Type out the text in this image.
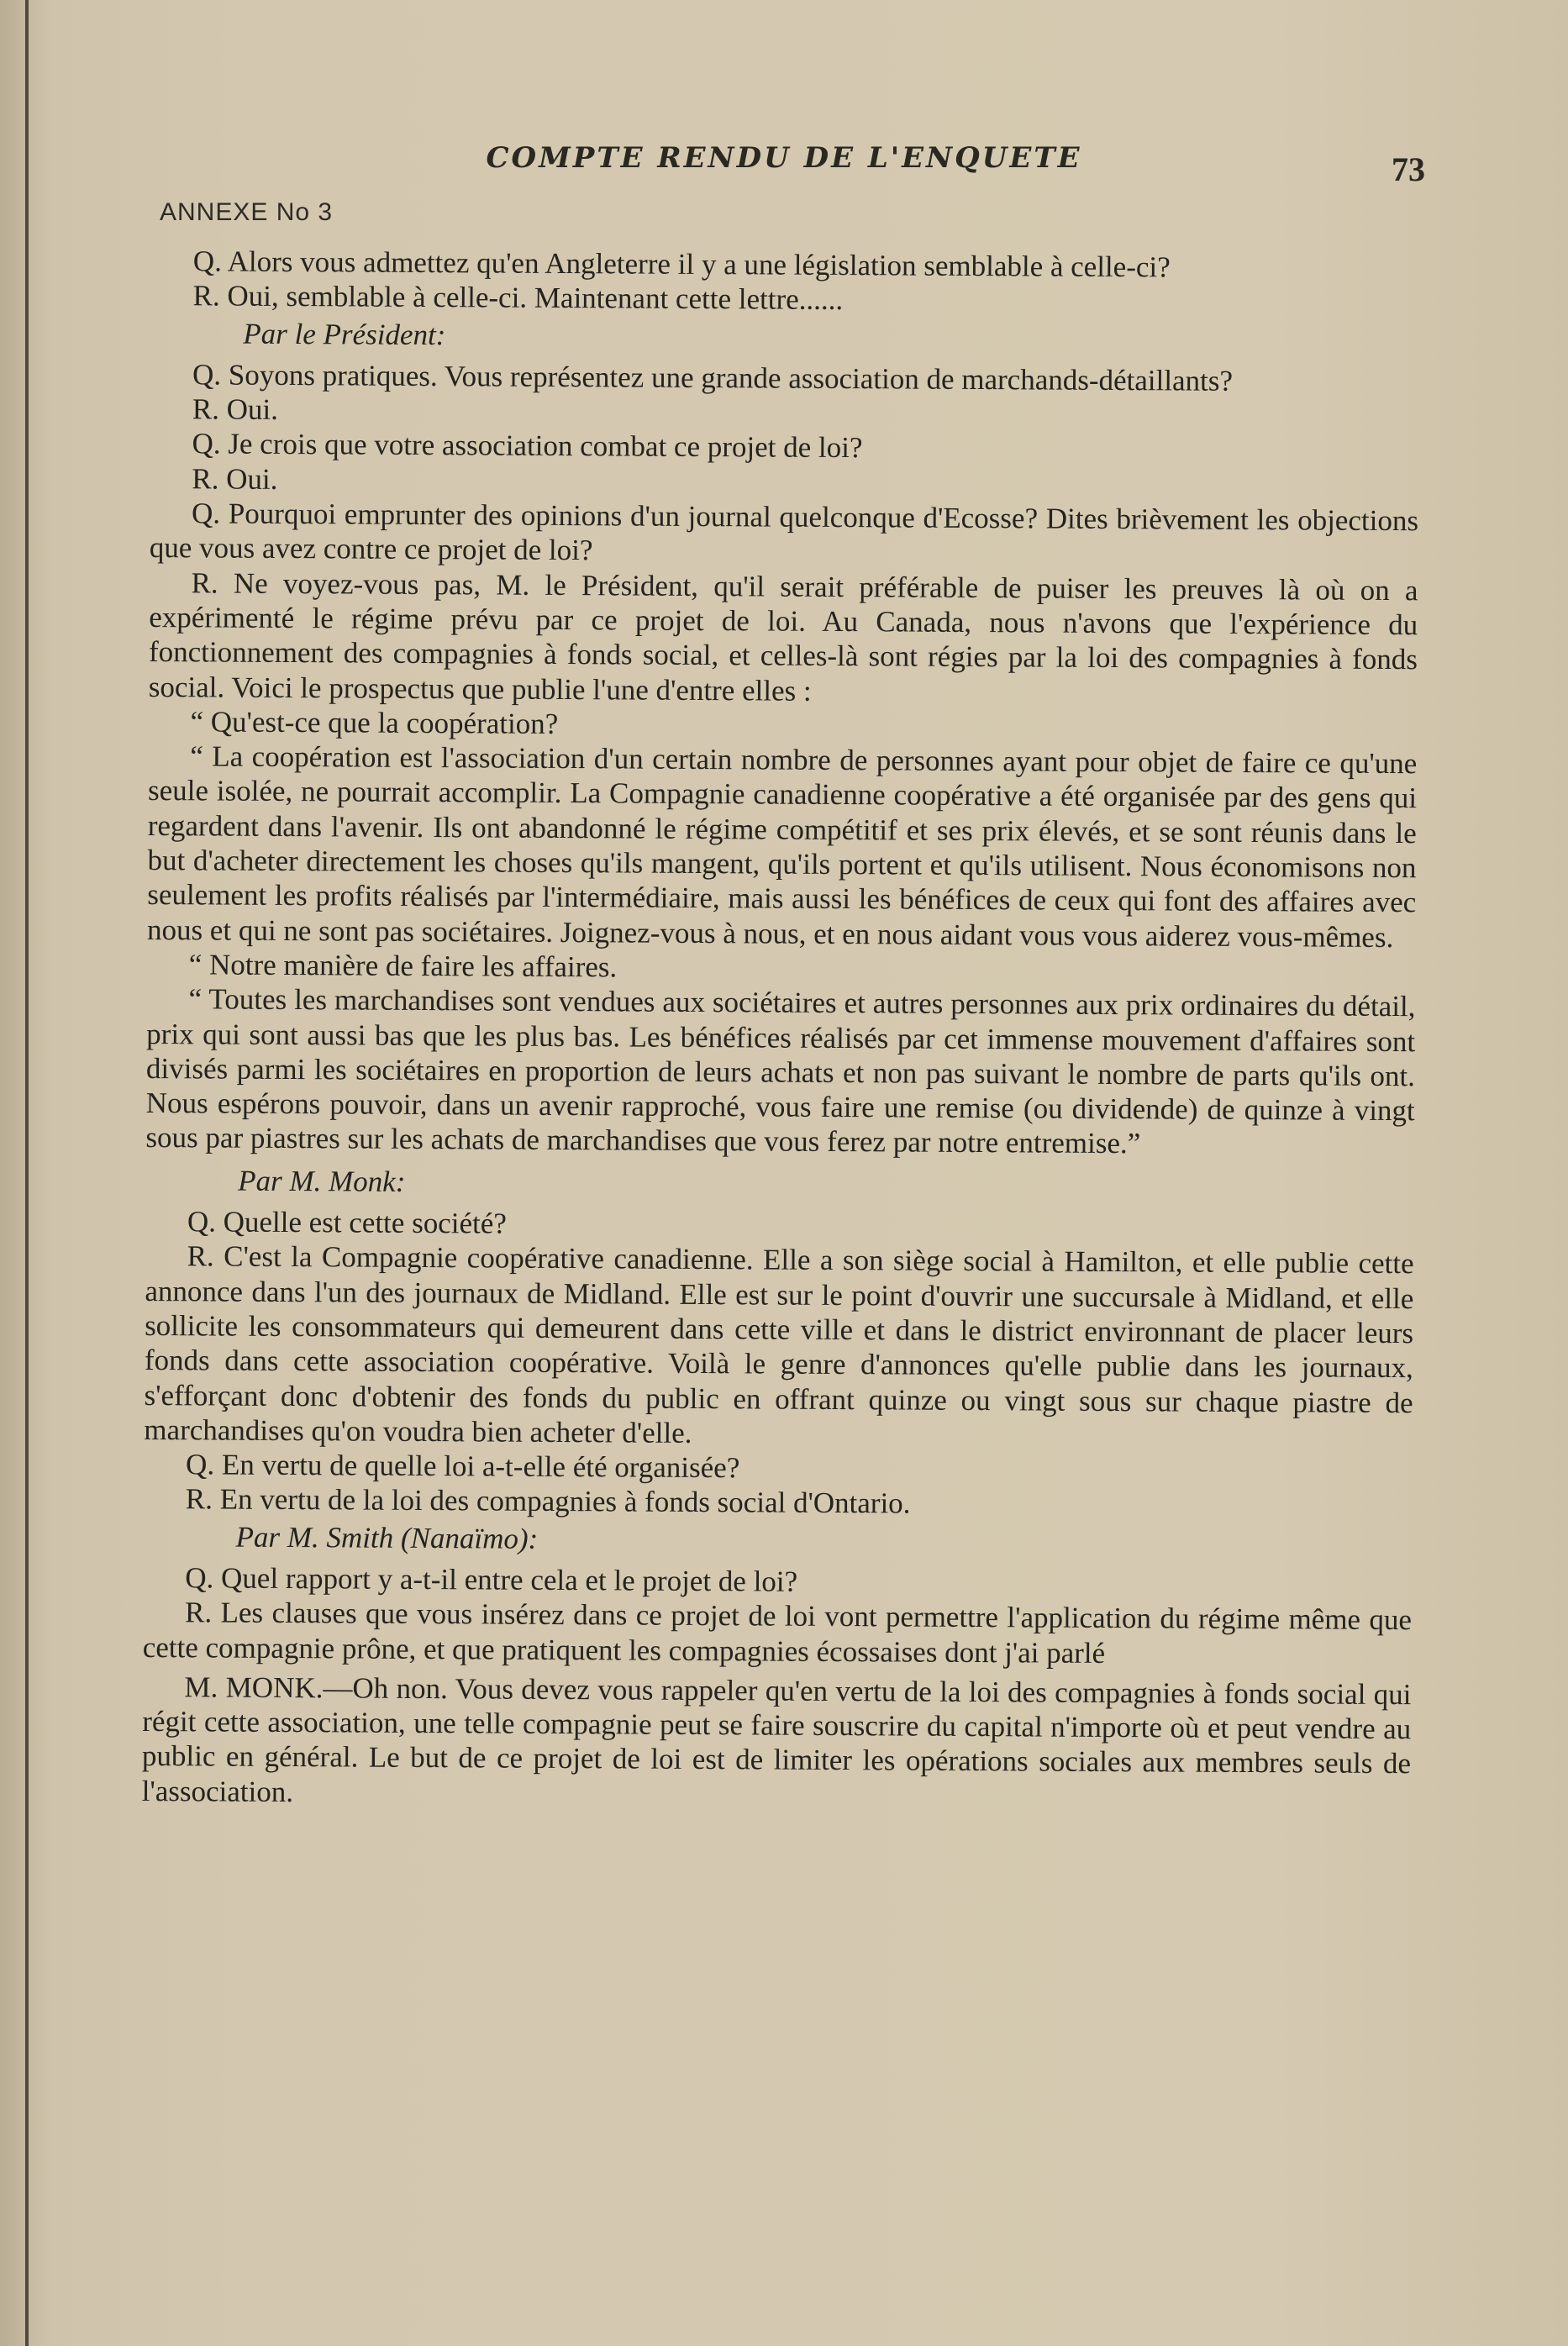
COMPTE RENDU DE L'ENQUETE	73
ANNEXE No 3

Q. Alors vous admettez qu'en Angleterre il y a une législation semblable à celle-ci?

R. Oui, semblable à celle-ci. Maintenant cette lettre......

Par le Président:

Q. Soyons pratiques. Vous représentez une grande association de marchands-détaillants?

R. Oui.

Q. Je crois que votre association combat ce projet de loi?

R. Oui.

Q. Pourquoi emprunter des opinions d'un journal quelconque d'Ecosse? Dites brièvement les objections que vous avez contre ce projet de loi?

R. Ne voyez-vous pas, M. le Président, qu'il serait préférable de puiser les preuves là où on a expérimenté le régime prévu par ce projet de loi. Au Canada, nous n'avons que l'expérience du fonctionnement des compagnies à fonds social, et celles-là sont régies par la loi des compagnies à fonds social. Voici le prospectus que publie l'une d'entre elles :

“ Qu'est-ce que la coopération?

“ La coopération est l'association d'un certain nombre de personnes ayant pour objet de faire ce qu'une seule isolée, ne pourrait accomplir. La Compagnie canadienne coopérative a été organisée par des gens qui regardent dans l'avenir. Ils ont abandonné le régime compétitif et ses prix élevés, et se sont réunis dans le but d'acheter directement les choses qu'ils mangent, qu'ils portent et qu'ils utilisent. Nous économisons non seulement les profits réalisés par l'intermédiaire, mais aussi les bénéfices de ceux qui font des affaires avec nous et qui ne sont pas sociétaires. Joignez-vous à nous, et en nous aidant vous vous aiderez vous-mêmes.

“ Notre manière de faire les affaires.

“ Toutes les marchandises sont vendues aux sociétaires et autres personnes aux prix ordinaires du détail, prix qui sont aussi bas que les plus bas. Les bénéfices réalisés par cet immense mouvement d'affaires sont divisés parmi les sociétaires en proportion de leurs achats et non pas suivant le nombre de parts qu'ils ont. Nous espérons pouvoir, dans un avenir rapproché, vous faire une remise (ou dividende) de quinze à vingt sous par piastres sur les achats de marchandises que vous ferez par notre entremise.”

Par M. Monk:

Q. Quelle est cette société?

R. C'est la Compagnie coopérative canadienne. Elle a son siège social à Hamilton, et elle publie cette annonce dans l'un des journaux de Midland. Elle est sur le point d'ouvrir une succursale à Midland, et elle sollicite les consommateurs qui demeurent dans cette ville et dans le district environnant de placer leurs fonds dans cette association coopérative. Voilà le genre d'annonces qu'elle publie dans les journaux, s'efforçant donc d'obtenir des fonds du public en offrant quinze ou vingt sous sur chaque piastre de marchandises qu'on voudra bien acheter d'elle.

Q. En vertu de quelle loi a-t-elle été organisée?

R. En vertu de la loi des compagnies à fonds social d'Ontario.

Par M. Smith (Nanaïmo):

Q. Quel rapport y a-t-il entre cela et le projet de loi?

R. Les clauses que vous insérez dans ce projet de loi vont permettre l'application du régime même que cette compagnie prône, et que pratiquent les compagnies écossaises dont j'ai parlé

M. MONK.—Oh non. Vous devez vous rappeler qu'en vertu de la loi des compagnies à fonds social qui régit cette association, une telle compagnie peut se faire souscrire du capital n'importe où et peut vendre au public en général. Le but de ce projet de loi est de limiter les opérations sociales aux membres seuls de l'association.
